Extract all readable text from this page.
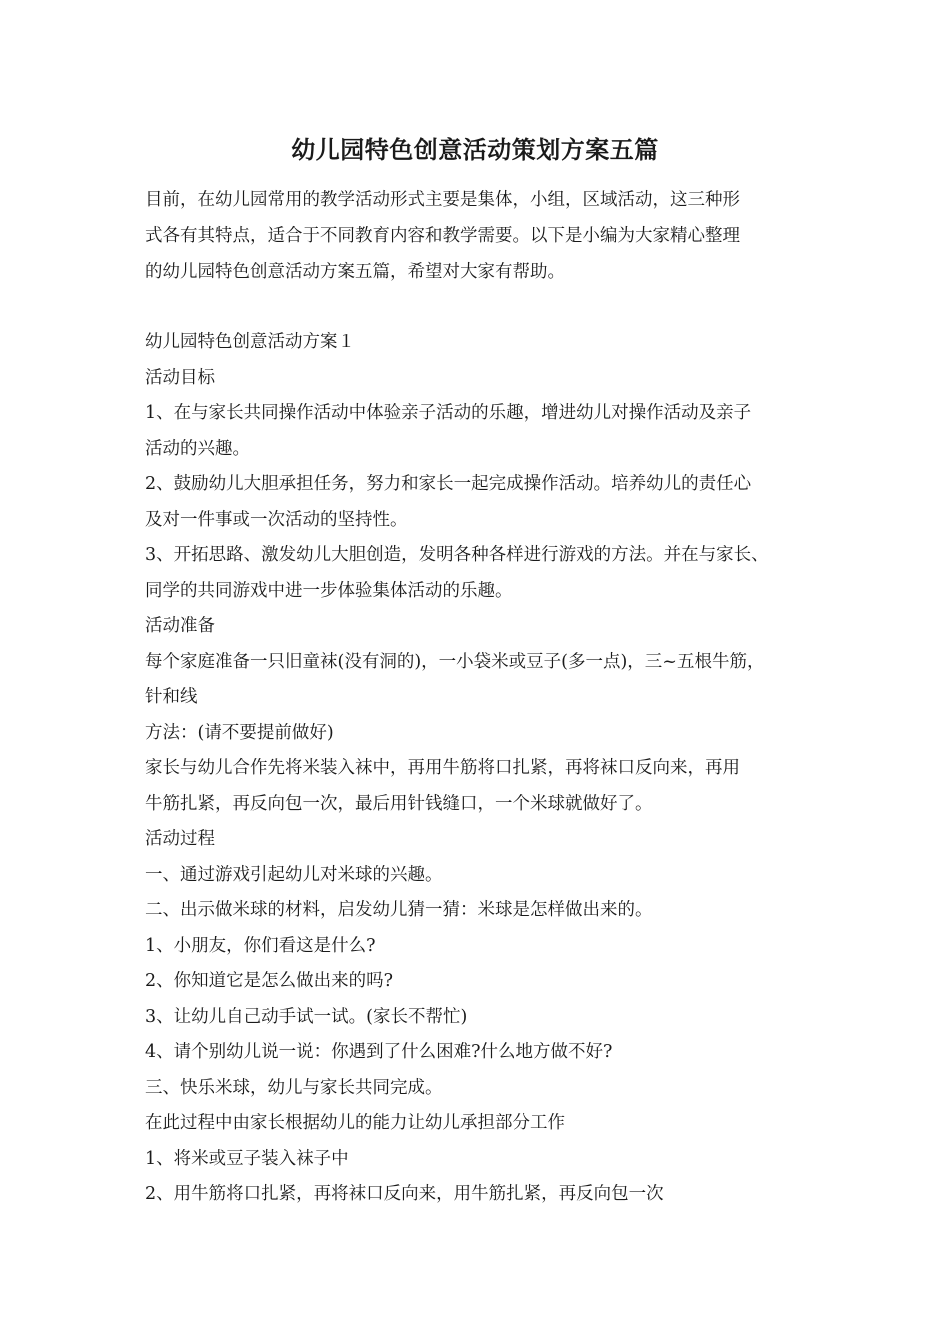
幼儿园特色创意活动策划方案五篇

目前，在幼儿园常用的教学活动形式主要是集体，小组，区域活动，这三种形

式各有其特点，适合于不同教育内容和教学需要。以下是小编为大家精心整理

的幼儿园特色创意活动方案五篇，希望对大家有帮助。

幼儿园特色创意活动方案１

活动目标

1、在与家长共同操作活动中体验亲子活动的乐趣，增进幼儿对操作活动及亲子

活动的兴趣。

2、鼓励幼儿大胆承担任务，努力和家长一起完成操作活动。培养幼儿的责任心

及对一件事或一次活动的坚持性。

3、开拓思路、激发幼儿大胆创造，发明各种各样进行游戏的方法。并在与家长、

同学的共同游戏中进一步体验集体活动的乐趣。

活动准备

每个家庭准备一只旧童袜(没有洞的)，一小袋米或豆子(多一点)，三~五根牛筋，

针和线

方法：(请不要提前做好)

家长与幼儿合作先将米装入袜中，再用牛筋将口扎紧，再将袜口反向来，再用

牛筋扎紧，再反向包一次，最后用针钱缝口，一个米球就做好了。

活动过程

一、通过游戏引起幼儿对米球的兴趣。

二、出示做米球的材料，启发幼儿猜一猜：米球是怎样做出来的。

1、小朋友，你们看这是什么?

2、你知道它是怎么做出来的吗?

3、让幼儿自己动手试一试。(家长不帮忙)

4、请个别幼儿说一说：你遇到了什么困难?什么地方做不好?

三、快乐米球，幼儿与家长共同完成。

在此过程中由家长根据幼儿的能力让幼儿承担部分工作

1、将米或豆子装入袜子中

2、用牛筋将口扎紧，再将袜口反向来，用牛筋扎紧，再反向包一次
